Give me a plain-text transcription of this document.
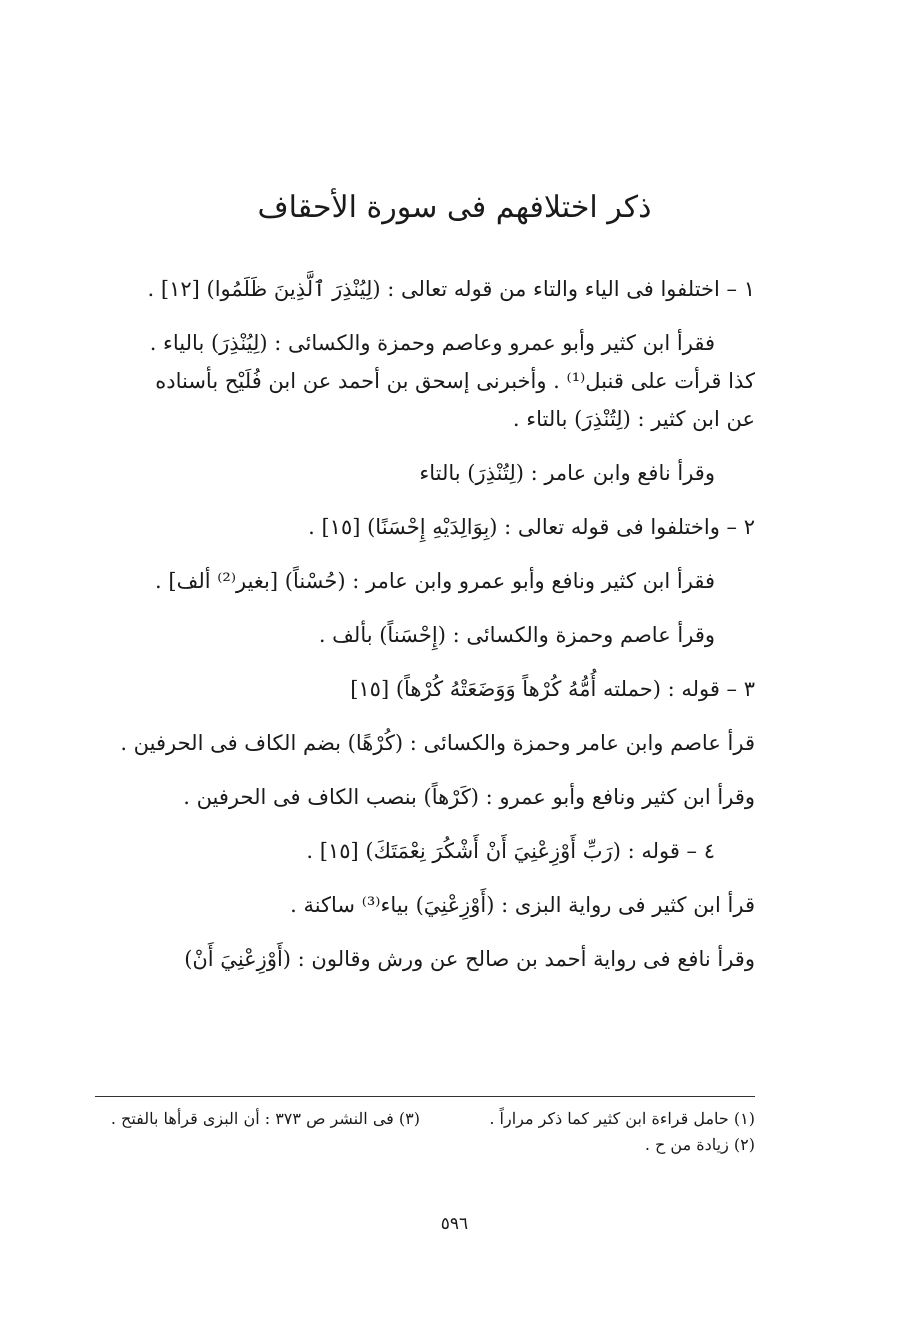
ذكر اختلافهم فى سورة الأحقاف

١ – اختلفوا فى الياء والتاء من قوله تعالى : (لِيُنْذِرَ ٱلَّذِينَ ظَلَمُوا) [١٢] .

فقرأ ابن كثير وأبو عمرو وعاصم وحمزة والكسائى : (لِيُنْذِرَ) بالياء .

كذا قرأت على قنبل⁽¹⁾ . وأخبرنى إسحق بن أحمد عن ابن فُلَيْح بأسناده

عن ابن كثير : (لِتُنْذِرَ) بالتاء .

وقرأ نافع وابن عامر : (لِتُنْذِرَ) بالتاء

٢ – واختلفوا فى قوله تعالى : (بِوَالِدَيْهِ إِحْسَنًا) [١٥] .

فقرأ ابن كثير ونافع وأبو عمرو وابن عامر : (حُسْناً) [بغير⁽²⁾ ألف] .

وقرأ عاصم وحمزة والكسائى : (إِحْسَناً) بألف .

٣ – قوله : (حملته أُمُّهُ كُرْهاً وَوَضَعَتْهُ كُرْهاً) [١٥]

قرأ عاصم وابن عامر وحمزة والكسائى : (كُرْهًا) بضم الكاف فى الحرفين .

وقرأ ابن كثير ونافع وأبو عمرو : (كَرْهاً) بنصب الكاف فى الحرفين .

٤ – قوله : (رَبِّ أَوْزِعْنِيَ أَنْ أَشْكُرَ نِعْمَتَكَ) [١٥] .

قرأ ابن كثير فى رواية البزى : (أَوْزِعْنِيَ) بياء⁽³⁾ ساكنة .

وقرأ نافع فى رواية أحمد بن صالح عن ورش وقالون : (أَوْزِعْنِيَ أَنْ)

(١) حامل قراءة ابن كثير كما ذكر مراراً .
(٣) فى النشر ص ٣٧٣ : أن البزى قرأها بالفتح .
(٢) زيادة من ح .
٥٩٦
